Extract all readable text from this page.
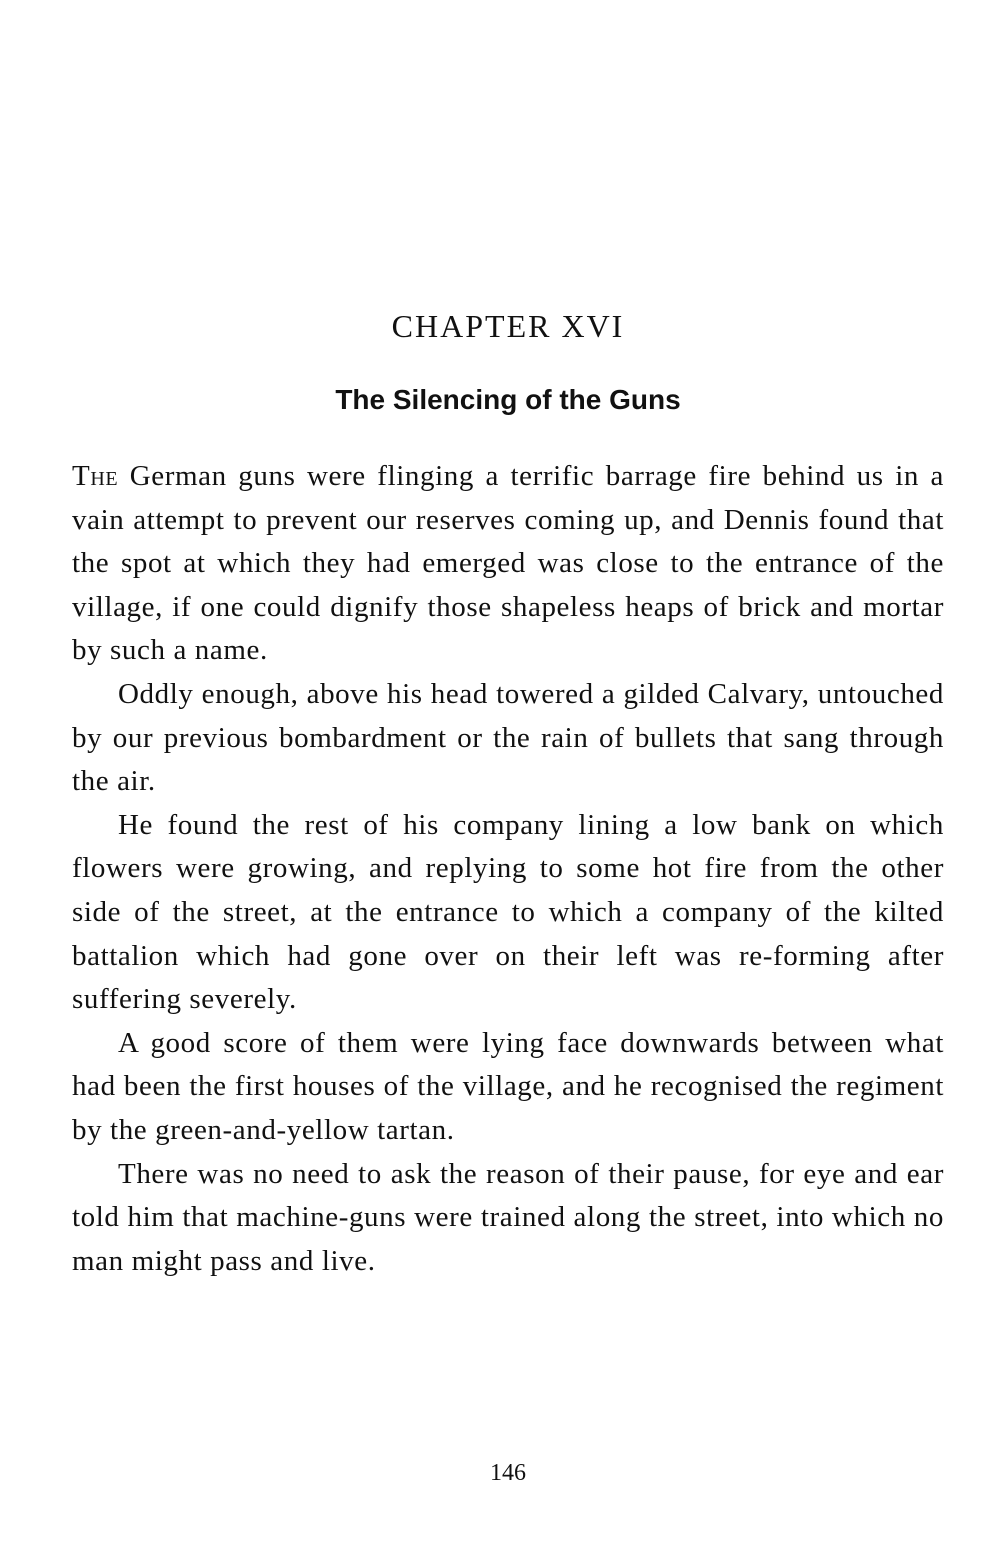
CHAPTER XVI
The Silencing of the Guns

The German guns were flinging a terrific barrage fire behind us in a vain attempt to prevent our reserves coming up, and Dennis found that the spot at which they had emerged was close to the entrance of the village, if one could dignify those shapeless heaps of brick and mortar by such a name.

Oddly enough, above his head towered a gilded Calvary, untouched by our previous bombardment or the rain of bullets that sang through the air.

He found the rest of his company lining a low bank on which flowers were growing, and replying to some hot fire from the other side of the street, at the entrance to which a company of the kilted battalion which had gone over on their left was re-forming after suffering severely.

A good score of them were lying face downwards between what had been the first houses of the village, and he recognised the regiment by the green-and-yellow tartan.

There was no need to ask the reason of their pause, for eye and ear told him that machine-guns were trained along the street, into which no man might pass and live.

146
